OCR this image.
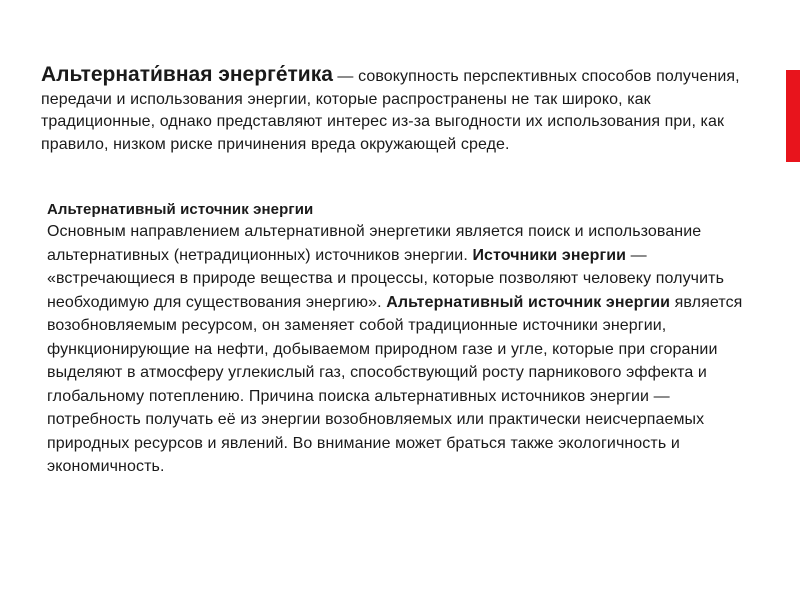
Альтернати́вная энерге́тика — совокупность перспективных способов получения, передачи и использования энергии, которые распространены не так широко, как традиционные, однако представляют интерес из-за выгодности их использования при, как правило, низком риске причинения вреда окружающей среде.
Альтернативный источник энергии
Основным направлением альтернативной энергетики является поиск и использование альтернативных (нетрадиционных) источников энергии. Источники энергии — «встречающиеся в природе вещества и процессы, которые позволяют человеку получить необходимую для существования энергию». Альтернативный источник энергии является возобновляемым ресурсом, он заменяет собой традиционные источники энергии, функционирующие на нефти, добываемом природном газе и угле, которые при сгорании выделяют в атмосферу углекислый газ, способствующий росту парникового эффекта и глобальному потеплению. Причина поиска альтернативных источников энергии — потребность получать её из энергии возобновляемых или практически неисчерпаемых природных ресурсов и явлений. Во внимание может браться также экологичность и экономичность.
